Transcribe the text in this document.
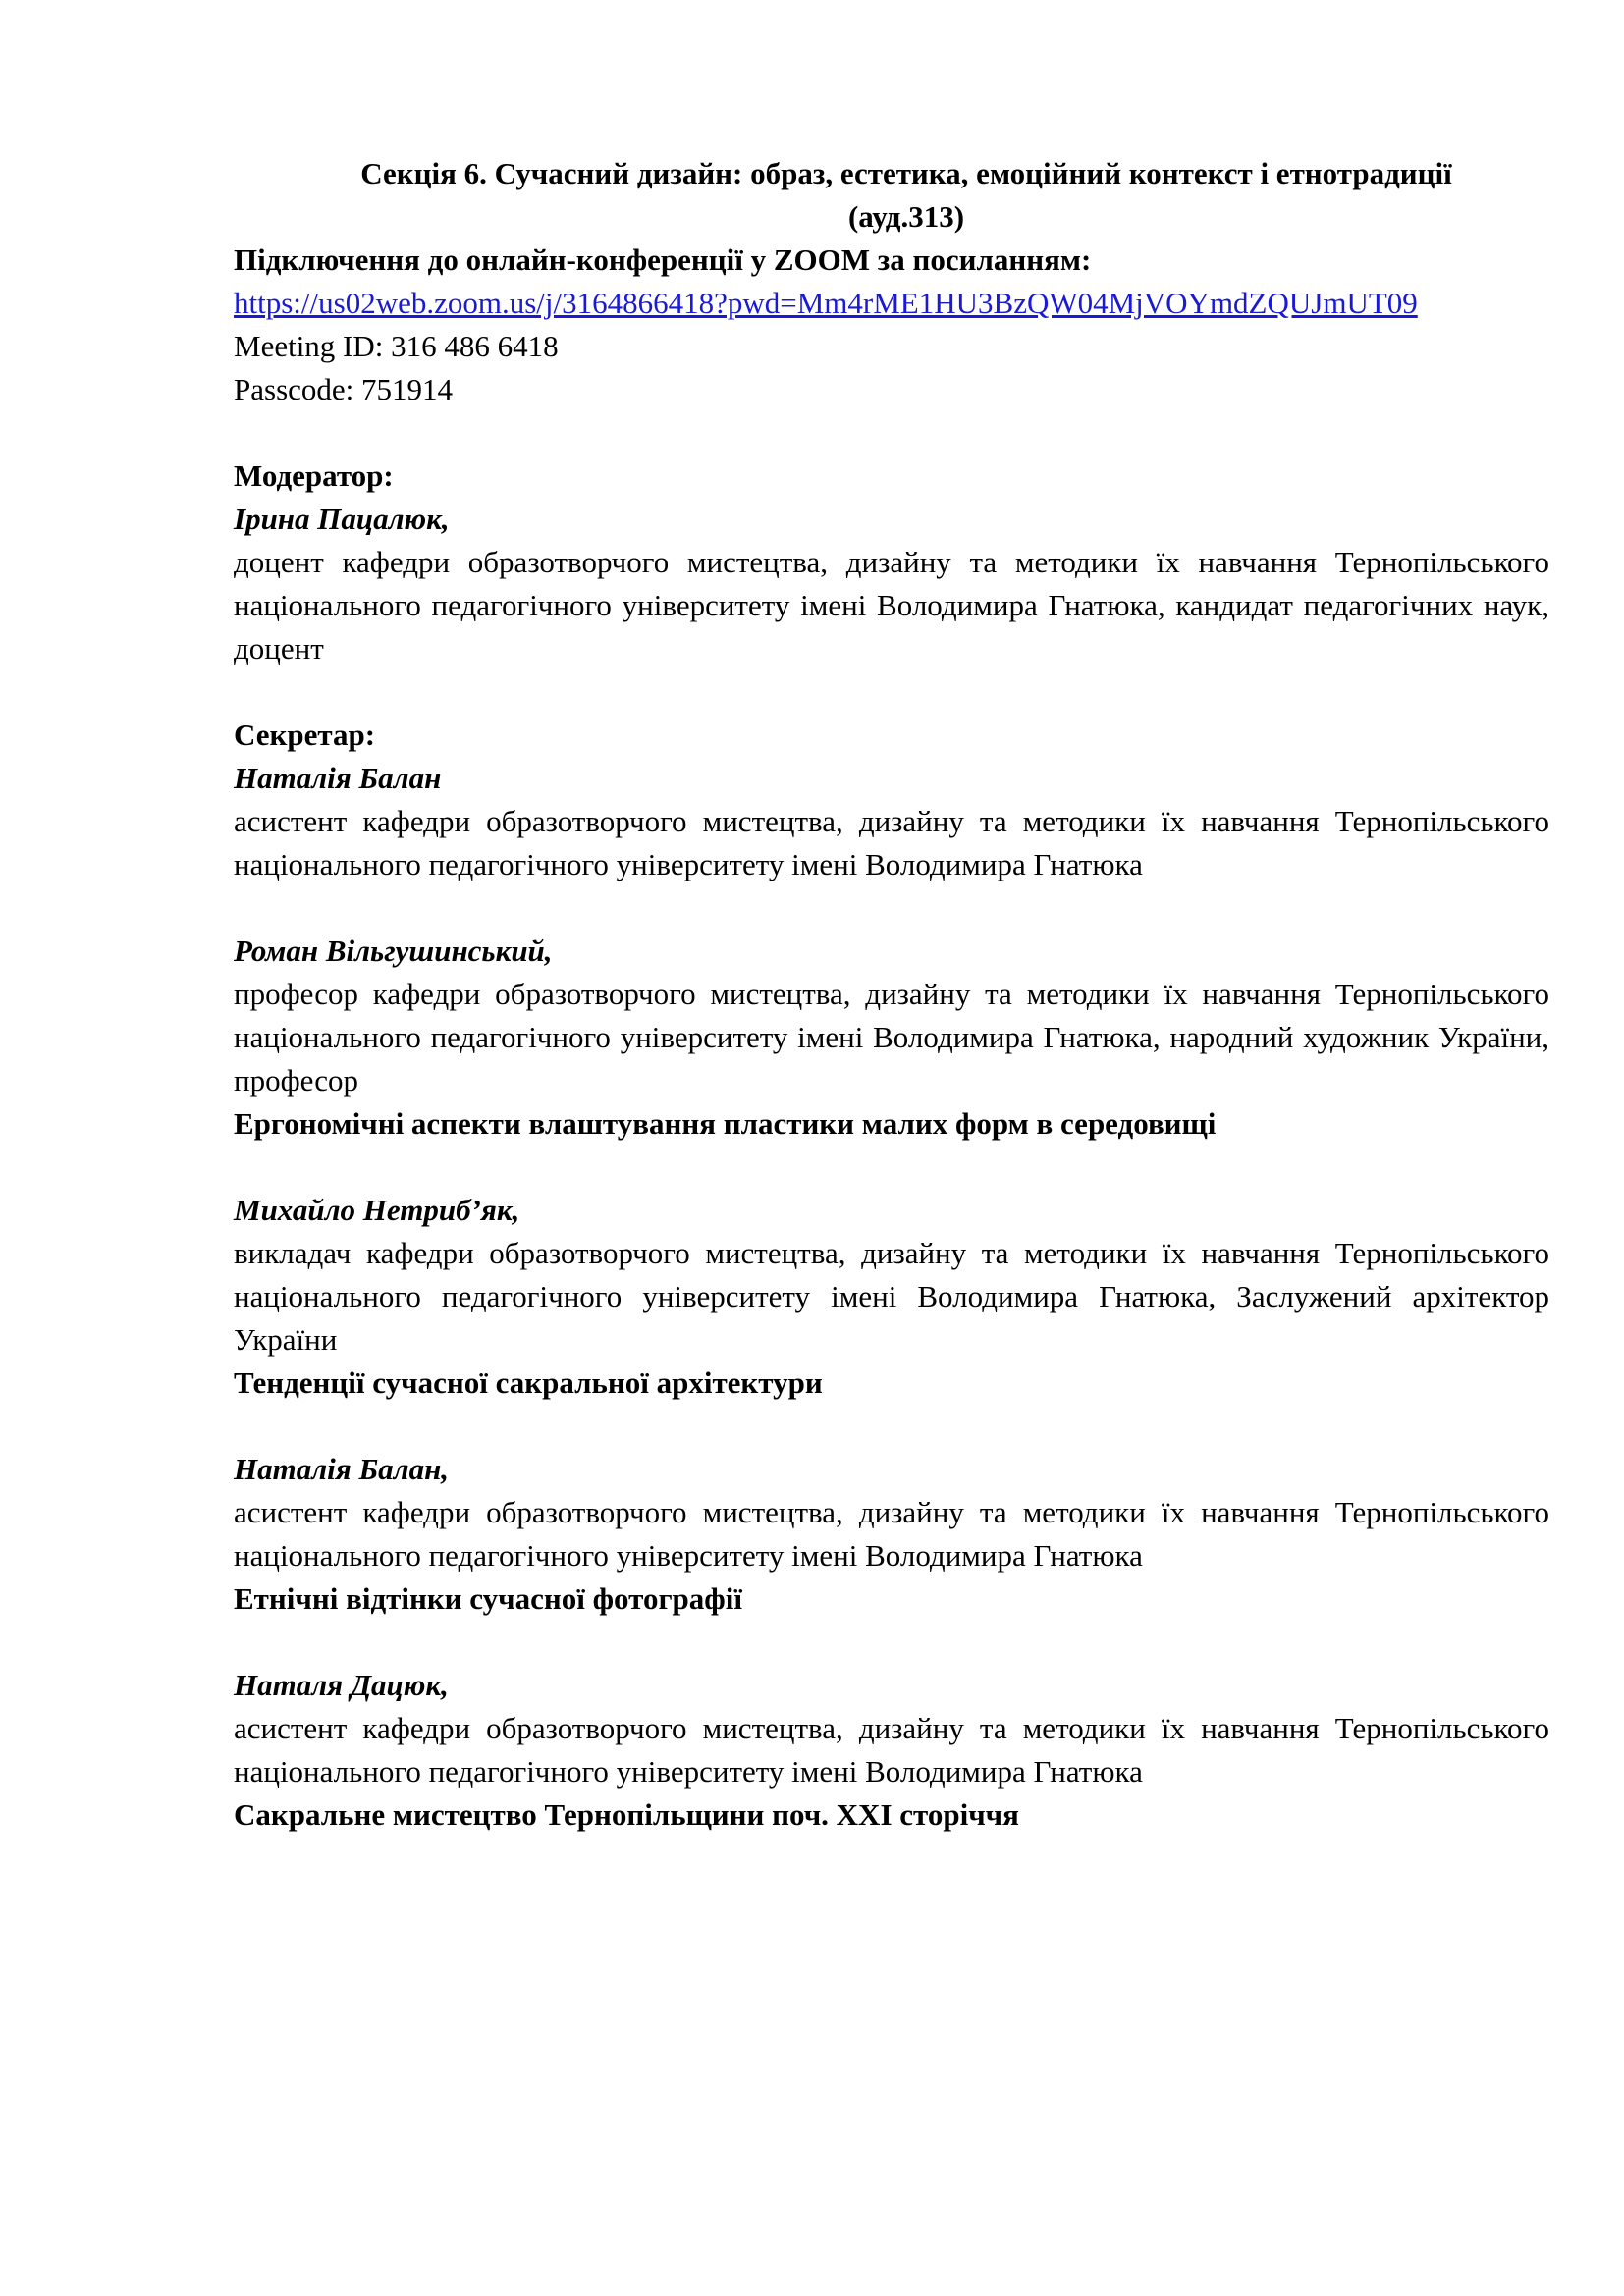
Секція 6. Сучасний дизайн: образ, естетика, емоційний контекст і етнотрадиції
(ауд.313)
Підключення до онлайн-конференції у ZOOM за посиланням:
https://us02web.zoom.us/j/3164866418?pwd=Mm4rME1HU3BzQW04MjVOYmdZQUJmUT09
Meeting ID: 316 486 6418
Passcode: 751914
Модератор:
Ірина Пацалюк,
доцент кафедри образотворчого мистецтва, дизайну та методики їх навчання Тернопільського національного педагогічного університету імені Володимира Гнатюка, кандидат педагогічних наук, доцент
Секретар:
Наталія Балан
асистент кафедри образотворчого мистецтва, дизайну та методики їх навчання Тернопільського національного педагогічного університету імені Володимира Гнатюка
Роман Вільгушинський,
професор кафедри образотворчого мистецтва, дизайну та методики їх навчання Тернопільського національного педагогічного університету імені Володимира Гнатюка, народний художник України, професор
Ергономічні аспекти влаштування пластики малих форм в середовищі
Михайло Нетриб’як,
викладач кафедри образотворчого мистецтва, дизайну та методики їх навчання Тернопільського національного педагогічного університету імені Володимира Гнатюка, Заслужений архітектор України
Тенденції сучасної сакральної архітектури
Наталія Балан,
асистент кафедри образотворчого мистецтва, дизайну та методики їх навчання Тернопільського національного педагогічного університету імені Володимира Гнатюка
Етнічні відтінки сучасної фотографії
Наталя Дацюк,
асистент кафедри образотворчого мистецтва, дизайну та методики їх навчання Тернопільського національного педагогічного університету імені Володимира Гнатюка
Сакральне мистецтво Тернопільщини поч. XXI сторіччя
